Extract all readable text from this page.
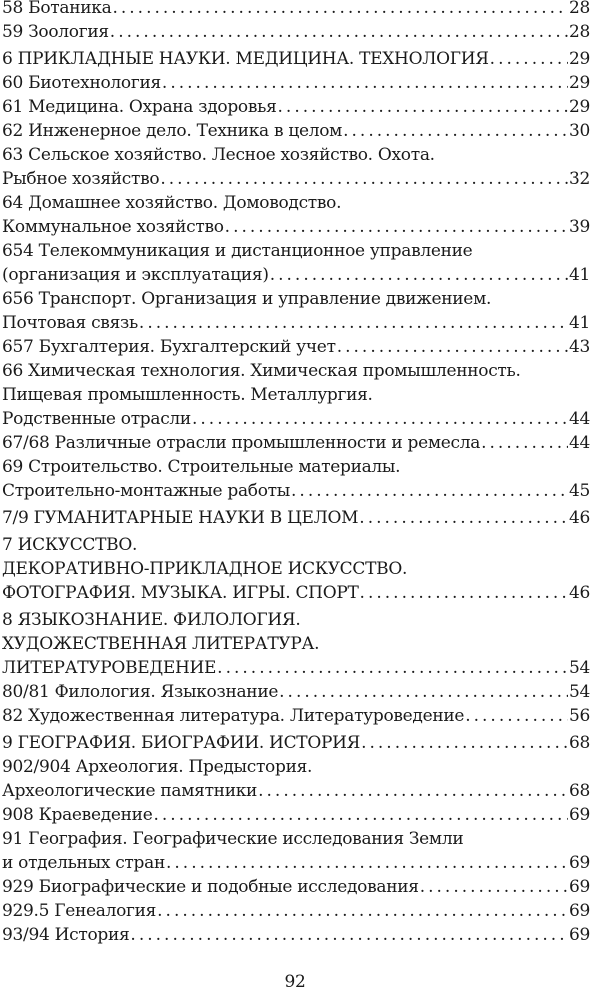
58 Ботаника . . .	28
59 Зоология . . .	28
6 ПРИКЛАДНЫЕ НАУКИ. МЕДИЦИНА. ТЕХНОЛОГИЯ . . .	29
60 Биотехнология . . .	29
61 Медицина. Охрана здоровья . . .	29
62 Инженерное дело. Техника в целом . . .	30
63 Сельское хозяйство. Лесное хозяйство. Охота.
Рыбное хозяйство . . .	32
64 Домашнее хозяйство. Домоводство.
Коммунальное хозяйство . . .	39
654 Телекоммуникация и дистанционное управление
(организация и эксплуатация) . . .	41
656 Транспорт. Организация и управление движением.
Почтовая связь . . .	41
657 Бухгалтерия. Бухгалтерский учет . . .	43
66 Химическая технология. Химическая промышленность.
Пищевая промышленность. Металлургия.
Родственные отрасли . . .	44
67/68 Различные отрасли промышленности и ремесла . . .	44
69 Строительство. Строительные материалы.
Строительно-монтажные работы . . .	45
7/9 ГУМАНИТАРНЫЕ НАУКИ В ЦЕЛОМ . . .	46
7 ИСКУССТВО.
ДЕКОРАТИВНО-ПРИКЛАДНОЕ ИСКУССТВО.
ФОТОГРАФИЯ. МУЗЫКА. ИГРЫ. СПОРТ . . .	46
8 ЯЗЫКОЗНАНИЕ. ФИЛОЛОГИЯ.
ХУДОЖЕСТВЕННАЯ ЛИТЕРАТУРА.
ЛИТЕРАТУРОВЕДЕНИЕ . . .	54
80/81 Филология. Языкознание . . .	54
82 Художественная литература. Литературоведение . . .	56
9 ГЕОГРАФИЯ. БИОГРАФИИ. ИСТОРИЯ . . .	68
902/904 Археология. Предыстория.
Археологические памятники . . .	68
908 Краеведение . . .	69
91 География. Географические исследования Земли
и отдельных стран . . .	69
929 Биографические и подобные исследования . . .	69
929.5 Генеалогия . . .	69
93/94 История . . .	69
92
